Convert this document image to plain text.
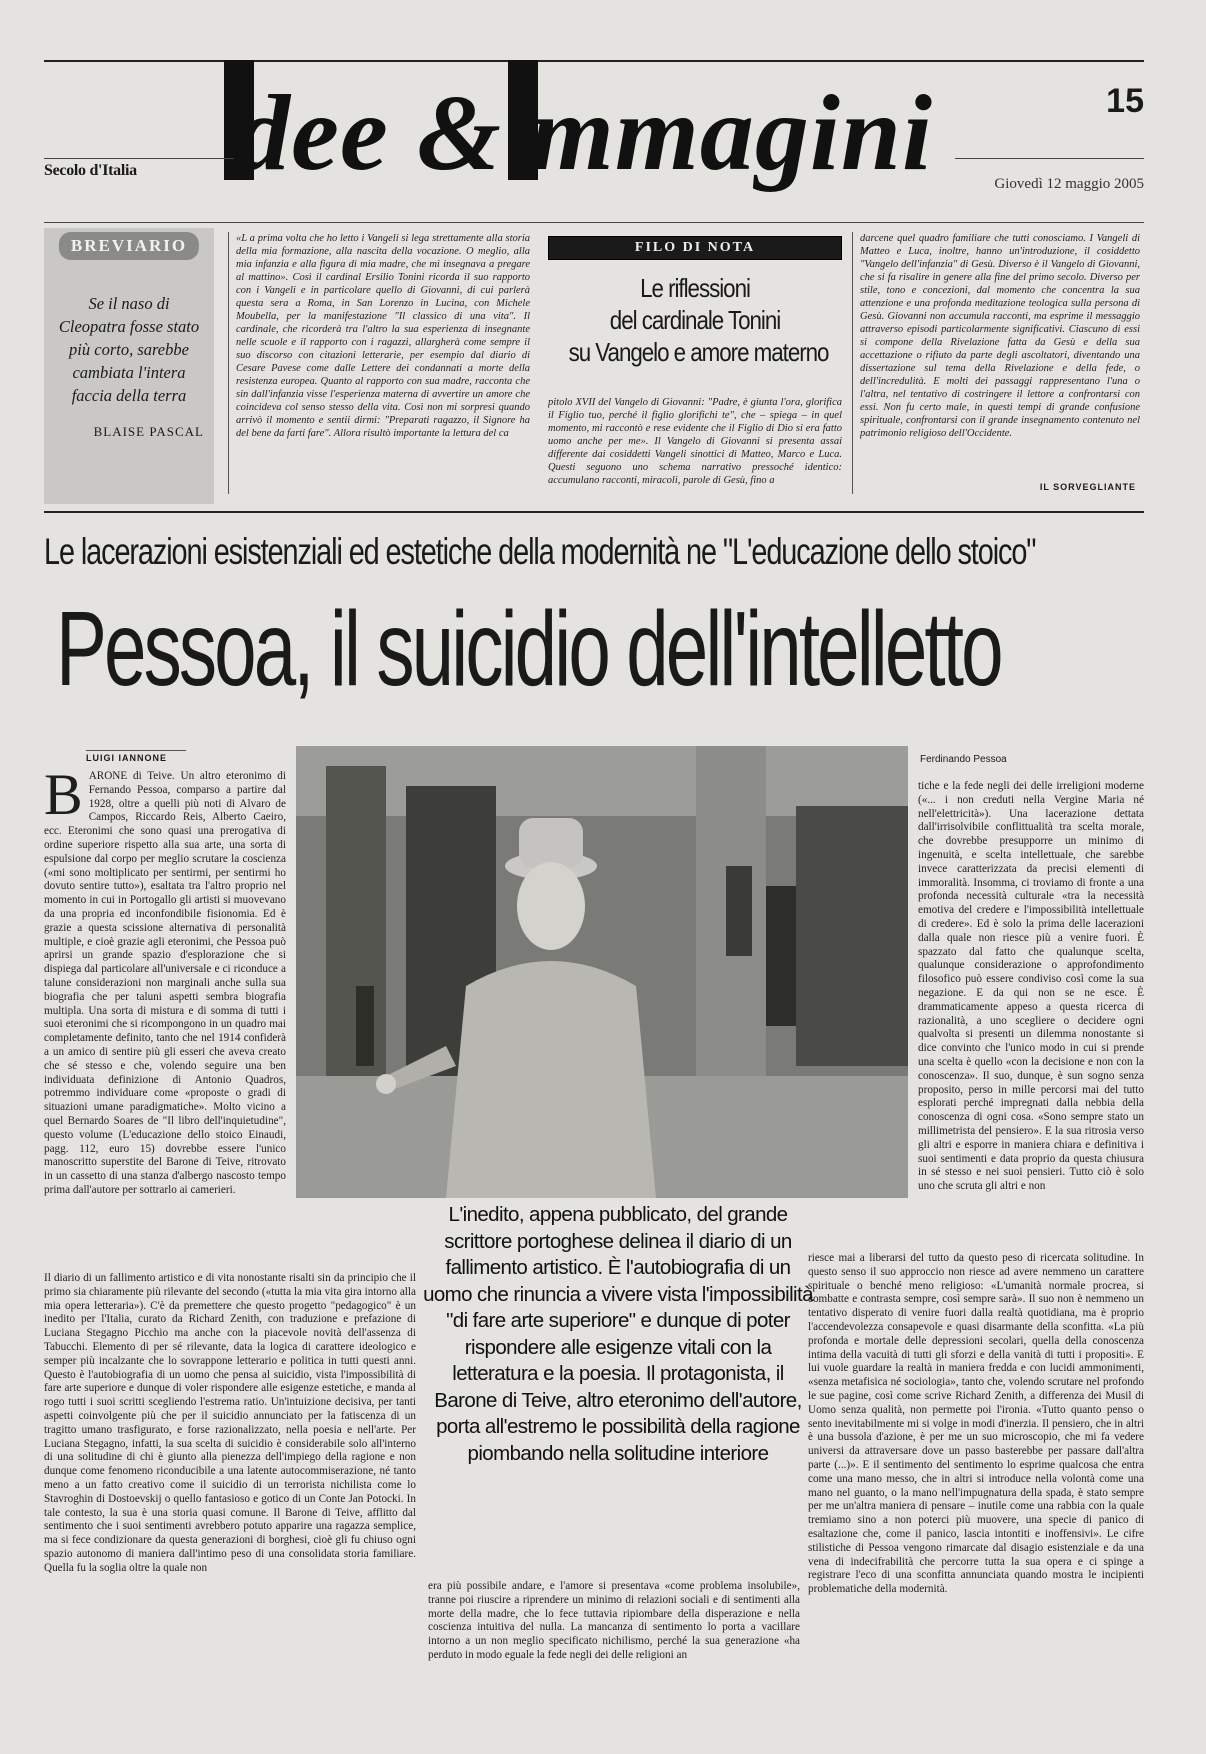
dee & mmagini
Secolo d'Italia
15
Giovedì 12 maggio 2005
BREVIARIO
Se il naso di Cleopatra fosse stato più corto, sarebbe cambiata l'intera faccia della terra
BLAISE PASCAL
«L a prima volta che ho letto i Vangeli si lega strettamente alla storia della mia formazione, alla nascita della vocazione. O meglio, alla mia infanzia e alla figura di mia madre, che mi insegnava a pregare al mattino». Così il cardinal Ersilio Tonini ricorda il suo rapporto con i Vangeli e in particolare quello di Giovanni, di cui parlerà questa sera a Roma, in San Lorenzo in Lucina, con Michele Moubella, per la manifestazione "Il classico di una vita". Il cardinale, che ricorderà tra l'altro la sua esperienza di insegnante nelle scuole e il rapporto con i ragazzi, allargherà come sempre il suo discorso con citazioni letterarie, per esempio dal diario di Cesare Pavese come dalle Lettere dei condannati a morte della resistenza europea. Quanto al rapporto con sua madre, racconta che sin dall'infanzia visse l'esperienza materna di avvertire un amore che coincideva col senso stesso della vita. Così non mi sorpresi quando arrivò il momento e sentii dirmi: "Preparati ragazzo, il Signore ha del bene da farti fare". Allora risultò importante la lettura del ca
FILO DI NOTA
Le riflessioni
del cardinale Tonini
su Vangelo e amore materno
pitolo XVII del Vangelo di Giovanni: "Padre, è giunta l'ora, glorifica il Figlio tuo, perché il figlio glorifichi te", che – spiega – in quel momento, mi raccontò e rese evidente che il Figlio di Dio si era fatto uomo anche per me». Il Vangelo di Giovanni si presenta assai differente dai cosiddetti Vangeli sinottici di Matteo, Marco e Luca. Questi seguono uno schema narrativo pressoché identico: accumulano racconti, miracoli, parole di Gesù, fino a
darcene quel quadro familiare che tutti conosciamo. I Vangeli di Matteo e Luca, inoltre, hanno un'introduzione, il cosiddetto "Vangelo dell'infanzia" di Gesù. Diverso è il Vangelo di Giovanni, che si fa risalire in genere alla fine del primo secolo. Diverso per stile, tono e concezioni, dal momento che concentra la sua attenzione e una profonda meditazione teologica sulla persona di Gesù. Giovanni non accumula racconti, ma esprime il messaggio attraverso episodi particolarmente significativi. Ciascuno di essi si compone della Rivelazione fatta da Gesù e della sua accettazione o rifiuto da parte degli ascoltatori, diventando una dissertazione sul tema della Rivelazione e della fede, o dell'incredulità. E molti dei passaggi rappresentano l'una o l'altra, nel tentativo di costringere il lettore a confrontarsi con essi. Non fu certo male, in questi tempi di grande confusione spirituale, confrontarsi con il grande insegnamento contenuto nel patrimonio religioso dell'Occidente.
IL SORVEGLIANTE
Le lacerazioni esistenziali ed estetiche della modernità ne "L'educazione dello stoico"
Pessoa, il suicidio dell'intelletto
LUIGI IANNONE
B ARONE di Teive. Un altro eteronimo di Fernando Pessoa, comparso a partire dal 1928, oltre a quelli più noti di Alvaro de Campos, Riccardo Reis, Alberto Caeiro, ecc. Eteronimi che sono quasi una prerogativa di ordine superiore rispetto alla sua arte, una sorta di espulsione dal corpo per meglio scrutare la coscienza («mi sono moltiplicato per sentirmi, per sentirmi ho dovuto sentire tutto»), esaltata tra l'altro proprio nel momento in cui in Portogallo gli artisti si muovevano da una propria ed inconfondibile fisionomia. Ed è grazie a questa scissione alternativa di personalità multiple, e cioè grazie agli eteronimi, che Pessoa può aprirsi un grande spazio d'esplorazione che si dispiega dal particolare all'universale e ci riconduce a talune considerazioni non marginali anche sulla sua biografia che per taluni aspetti sembra biografia multipla. Una sorta di mistura e di somma di tutti i suoi eteronimi che si ricompongono in un quadro mai completamente definito, tanto che nel 1914 confiderà a un amico di sentire più gli esseri che aveva creato che sé stesso e che, volendo seguire una ben individuata definizione di Antonio Quadros, potremmo individuare come «proposte o gradi di situazioni umane paradigmatiche». Molto vicino a quel Bernardo Soares de "Il libro dell'inquietudine", questo volume (L'educazione dello stoico Einaudi, pagg. 112, euro 15) dovrebbe essere l'unico manoscritto superstite del Barone di Teive, ritrovato in un cassetto di una stanza d'albergo nascosto tempo prima dall'autore per sottrarlo ai camerieri.
Il diario di un fallimento artistico e di vita nonostante risalti sin da principio che il primo sia chiaramente più rilevante del secondo («tutta la mia vita gira intorno alla mia opera letteraria»). C'è da premettere che questo progetto "pedagogico" è un inedito per l'Italia, curato da Richard Zenith, con traduzione e prefazione di Luciana Stegagno Picchio ma anche con la piacevole novità dell'assenza di Tabucchi. Elemento di per sé rilevante, data la logica di carattere ideologico e semper più incalzante che lo sovrappone letterario e politica in tutti questi anni. Questo è l'autobiografia di un uomo che pensa al suicidio, vista l'impossibilità di fare arte superiore e dunque di voler rispondere alle esigenze estetiche, e manda al rogo tutti i suoi scritti scegliendo l'estrema ratio. Un'intuizione decisiva, per tanti aspetti coinvolgente più che per il suicidio annunciato per la fatiscenza di un tragitto umano trasfigurato, e forse razionalizzato, nella poesia e nell'arte. Per Luciana Stegagno, infatti, la sua scelta di suicidio è considerabile solo all'interno di una solitudine di chi è giunto alla pienezza dell'impiego della ragione e non dunque come fenomeno riconducibile a una latente autocommiserazione, né tanto meno a un fatto creativo come il suicidio di un terrorista nichilista come lo Stavroghin di Dostoevskij o quello fantasioso e gotico di un Conte Jan Potocki. In tale contesto, la sua è una storia quasi comune. Il Barone di Teive, afflitto dal sentimento che i suoi sentimenti avrebbero potuto apparire una ragazza semplice, ma si fece condizionare da questa generazioni di borghesi, cioè gli fu chiuso ogni spazio autonomo di maniera dall'intimo peso di una consolidata storia familiare. Quella fu la soglia oltre la quale non
Ferdinando Pessoa
tiche e la fede negli dei delle irreligioni moderne («... i non creduti nella Vergine Maria né nell'elettricità»). Una lacerazione dettata dall'irrisolvibile conflittualità tra scelta morale, che dovrebbe presupporre un minimo di ingenuità, e scelta intellettuale, che sarebbe invece caratterizzata da precisi elementi di immoralità. Insomma, ci troviamo di fronte a una profonda necessità culturale «tra la necessità emotiva del credere e l'impossibilità intellettuale di credere». Ed è solo la prima delle lacerazioni dalla quale non riesce più a venire fuori. È spazzato dal fatto che qualunque scelta, qualunque considerazione o approfondimento filosofico può essere condiviso così come la sua negazione. E da qui non se ne esce. È drammaticamente appeso a questa ricerca di razionalità, a uno scegliere o decidere ogni qualvolta si presenti un dilemma nonostante si dice convinto che l'unico modo in cui si prende una scelta è quello «con la decisione e non con la conoscenza». Il suo, dunque, è sun sogno senza proposito, perso in mille percorsi mai del tutto esplorati perché impregnati dalla nebbia della conoscenza di ogni cosa. «Sono sempre stato un millimetrista del pensiero». E la sua ritrosia verso gli altri e esporre in maniera chiara e definitiva i suoi sentimenti e data proprio da questa chiusura in sé stesso e nei suoi pensieri. Tutto ciò è solo uno che scruta gli altri e non
L'inedito, appena pubblicato, del grande scrittore portoghese delinea il diario di un fallimento artistico. È l'autobiografia di un uomo che rinuncia a vivere vista l'impossibilità "di fare arte superiore" e dunque di poter rispondere alle esigenze vitali con la letteratura e la poesia. Il protagonista, il Barone di Teive, altro eteronimo dell'autore, porta all'estremo le possibilità della ragione piombando nella solitudine interiore
era più possibile andare, e l'amore si presentava «come problema insolubile», tranne poi riuscire a riprendere un minimo di relazioni sociali e di sentimenti alla morte della madre, che lo fece tuttavia ripiombare della disperazione e nella coscienza intuitiva del nulla. La mancanza di sentimento lo porta a vacillare intorno a un non meglio specificato nichilismo, perché la sua generazione «ha perduto in modo eguale la fede negli dei delle religioni an
riesce mai a liberarsi del tutto da questo peso di ricercata solitudine. In questo senso il suo approccio non riesce ad avere nemmeno un carattere spirituale o benché meno religioso: «L'umanità normale procrea, si combatte e contrasta sempre, così sempre sarà». Il suo non è nemmeno un tentativo disperato di venire fuori dalla realtà quotidiana, ma è proprio l'accendevolezza consapevole e quasi disarmante della sconfitta. «La più profonda e mortale delle depressioni secolari, quella della conoscenza intima della vacuità di tutti gli sforzi e della vanità di tutti i propositi». E lui vuole guardare la realtà in maniera fredda e con lucidi ammonimenti, «senza metafisica né sociologia», tanto che, volendo scrutare nel profondo le sue pagine, così come scrive Richard Zenith, a differenza dei Musil di Uomo senza qualità, non permette poi l'ironia. «Tutto quanto penso o sento inevitabilmente mi si volge in modi d'inerzia. Il pensiero, che in altri è una bussola d'azione, è per me un suo microscopio, che mi fa vedere universi da attraversare dove un passo basterebbe per passare dall'altra parte (...)». E il sentimento del sentimento lo esprime qualcosa che entra come una mano messo, che in altri si introduce nella volontà come una mano nel guanto, o la mano nell'impugnatura della spada, è stato sempre per me un'altra maniera di pensare – inutile come una rabbia con la quale tremiamo sino a non poterci più muovere, una specie di panico di esaltazione che, come il panico, lascia intontiti e inoffensivi». Le cifre stilistiche di Pessoa vengono rimarcate dal disagio esistenziale e da una vena di indecifrabilità che percorre tutta la sua opera e ci spinge a registrare l'eco di una sconfitta annunciata quando mostra le incipienti problematiche della modernità.
